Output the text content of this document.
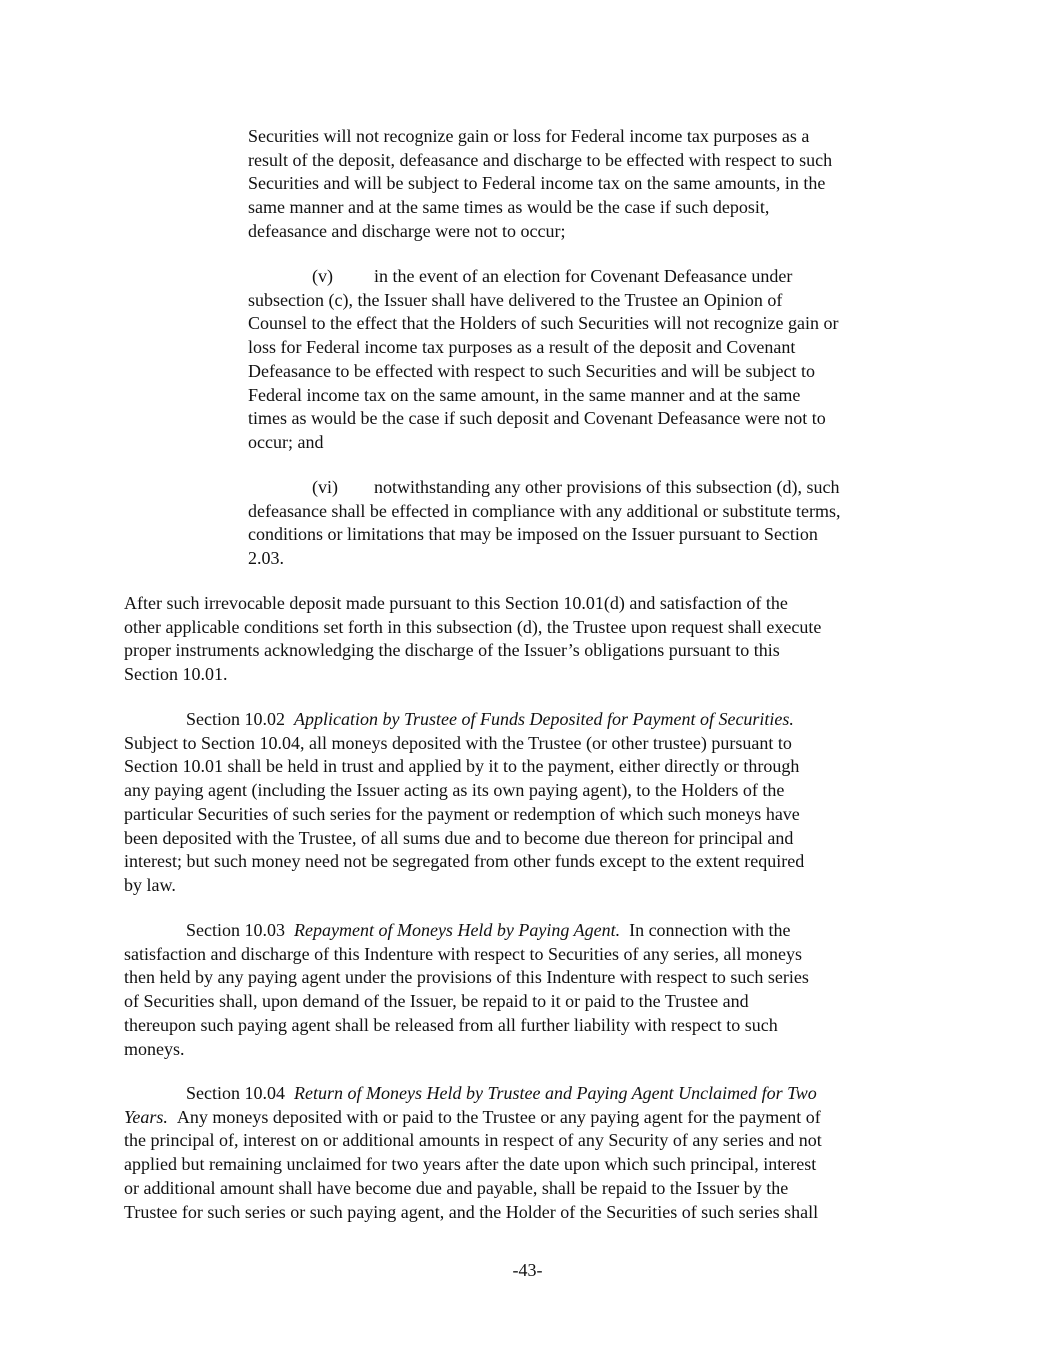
Securities will not recognize gain or loss for Federal income tax purposes as a
result of the deposit, defeasance and discharge to be effected with respect to such
Securities and will be subject to Federal income tax on the same amounts, in the
same manner and at the same times as would be the case if such deposit,
defeasance and discharge were not to occur;
(v) in the event of an election for Covenant Defeasance under
subsection (c), the Issuer shall have delivered to the Trustee an Opinion of
Counsel to the effect that the Holders of such Securities will not recognize gain or
loss for Federal income tax purposes as a result of the deposit and Covenant
Defeasance to be effected with respect to such Securities and will be subject to
Federal income tax on the same amount, in the same manner and at the same
times as would be the case if such deposit and Covenant Defeasance were not to
occur; and
(vi) notwithstanding any other provisions of this subsection (d), such
defeasance shall be effected in compliance with any additional or substitute terms,
conditions or limitations that may be imposed on the Issuer pursuant to Section
2.03.
After such irrevocable deposit made pursuant to this Section 10.01(d) and satisfaction of the
other applicable conditions set forth in this subsection (d), the Trustee upon request shall execute
proper instruments acknowledging the discharge of the Issuer’s obligations pursuant to this
Section 10.01.
Section 10.02 Application by Trustee of Funds Deposited for Payment of Securities.
Subject to Section 10.04, all moneys deposited with the Trustee (or other trustee) pursuant to
Section 10.01 shall be held in trust and applied by it to the payment, either directly or through
any paying agent (including the Issuer acting as its own paying agent), to the Holders of the
particular Securities of such series for the payment or redemption of which such moneys have
been deposited with the Trustee, of all sums due and to become due thereon for principal and
interest; but such money need not be segregated from other funds except to the extent required
by law.
Section 10.03 Repayment of Moneys Held by Paying Agent. In connection with the
satisfaction and discharge of this Indenture with respect to Securities of any series, all moneys
then held by any paying agent under the provisions of this Indenture with respect to such series
of Securities shall, upon demand of the Issuer, be repaid to it or paid to the Trustee and
thereupon such paying agent shall be released from all further liability with respect to such
moneys.
Section 10.04 Return of Moneys Held by Trustee and Paying Agent Unclaimed for Two
Years. Any moneys deposited with or paid to the Trustee or any paying agent for the payment of
the principal of, interest on or additional amounts in respect of any Security of any series and not
applied but remaining unclaimed for two years after the date upon which such principal, interest
or additional amount shall have become due and payable, shall be repaid to the Issuer by the
Trustee for such series or such paying agent, and the Holder of the Securities of such series shall
-43-
